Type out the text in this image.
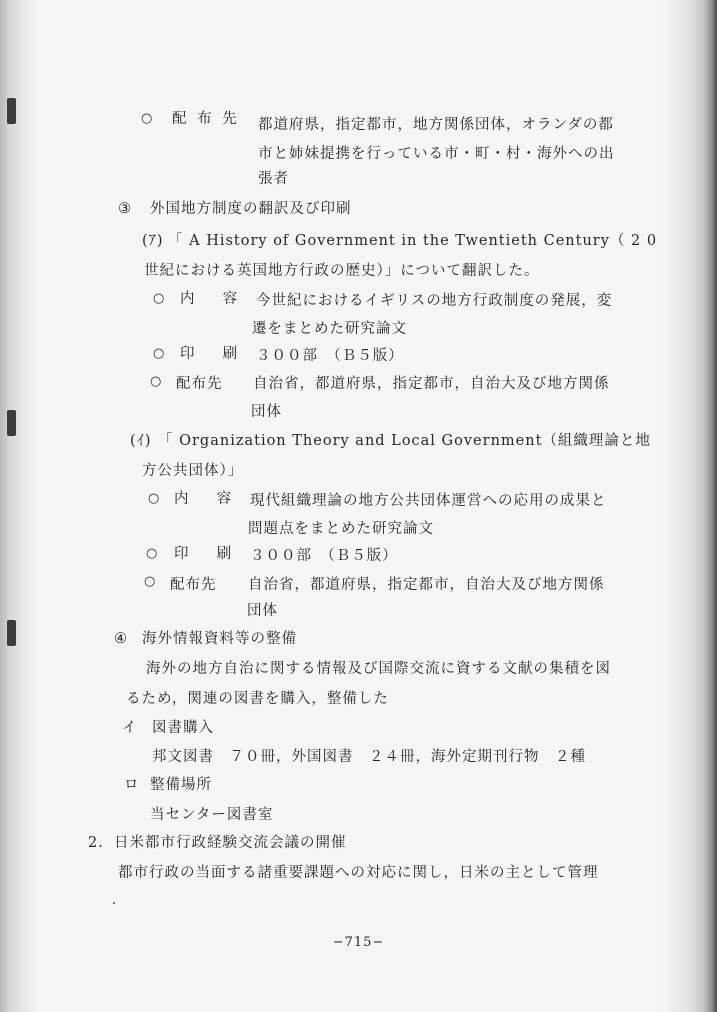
○ 配 布 先 都道府県，指定都市，地方関係団体，オランダの都
市と姉妹提携を行っている市・町・村・海外への出
張者
③ 外国地方制度の翻訳及び印刷
(ｱ) 「 A History of Government in the Twentieth Century（ 2 0
世紀における英国地方行政の歴史）」について翻訳した。
○ 内　 容 今世紀におけるイギリスの地方行政制度の発展，変
遷をまとめた研究論文
○ 印　 刷 ３００部　（Ｂ５版）
○ 配布先 自治省，都道府県，指定都市，自治大及び地方関係
団体
(ｲ) 「 Organization Theory and Local Government（組織理論と地
方公共団体）」
○ 内　 容 現代組織理論の地方公共団体運営への応用の成果と
問題点をまとめた研究論文
○ 印　 刷 ３００部　（Ｂ５版）
○ 配布先 自治省，都道府県，指定都市，自治大及び地方関係
団体
④ 海外情報資料等の整備
海外の地方自治に関する情報及び国際交流に資する文献の集積を図
るため，関連の図書を購入，整備した
イ 図書購入
邦文図書　７０冊，外国図書　２４冊，海外定期刊行物　２種
ロ 整備場所
当センター図書室
2. 日米都市行政経験交流会議の開催
都市行政の当面する諸重要課題への対応に関し，日米の主として管理
−715−
